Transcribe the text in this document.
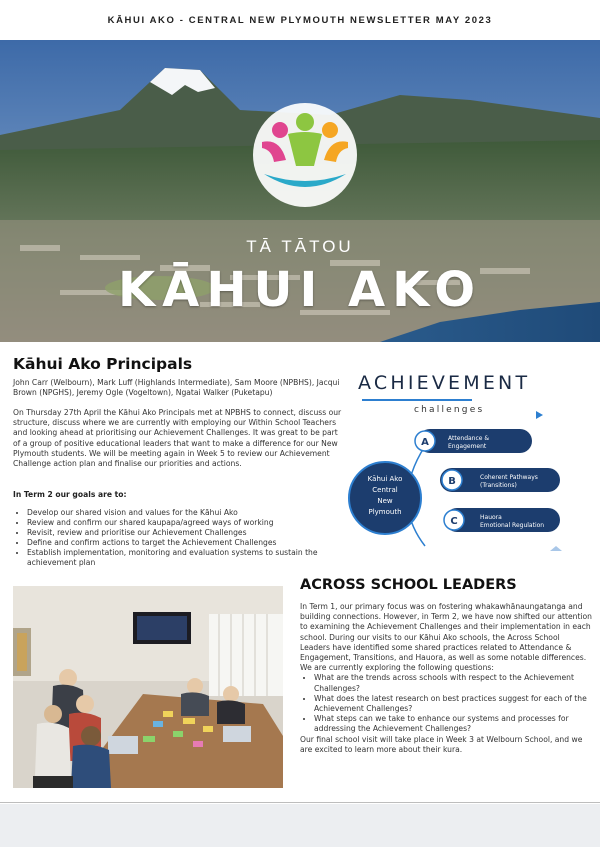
KĀHUI AKO - CENTRAL NEW PLYMOUTH NEWSLETTER MAY 2023
TĀ TĀTOU
KĀHUI AKO
Kāhui Ako Principals
John Carr (Welbourn), Mark Luff (Highlands Intermediate), Sam Moore (NPBHS), Jacqui Brown (NPGHS), Jeremy Ogle (Vogeltown), Ngatai Walker (Puketapu)
On Thursday 27th April the Kāhui Ako Principals met at NPBHS to connect, discuss our structure, discuss where we are currently with employing our Within School Teachers and looking ahead at prioritising our Achievement Challenges. It was great to be part of a group of positive educational leaders that want to make a difference for our New Plymouth students. We will be meeting again in Week 5 to review our Achievement Challenge action plan and finalise our priorities and actions.
In Term 2 our goals are to:
• Develop our shared vision and values for the Kāhui Ako
• Review and confirm our shared kaupapa/agreed ways of working
• Revisit, review and prioritise our Achievement Challenges
• Define and confirm actions to target the Achievement Challenges
• Establish implementation, monitoring and evaluation systems to sustain the achievement plan
ACHIEVEMENT
challenges
Kāhui Ako
Central
New
Plymouth
A	Attendance &
Engagement
B	Coherent Pathways
(Transitions)
C	Hauora
Emotional Regulation
ACROSS SCHOOL LEADERS

In Term 1, our primary focus was on fostering whakawhānaungatanga and building connections. However, in Term 2, we have now shifted our attention to examining the Achievement Challenges and their implementation in each school. During our visits to our Kāhui Ako schools, the Across School Leaders have identified some shared practices related to Attendance & Engagement, Transitions, and Hauora, as well as some notable differences.

We are currently exploring the following questions:

• What are the trends across schools with respect to the Achievement Challenges?
• What does the latest research on best practices suggest for each of the Achievement Challenges?
• What steps can we take to enhance our systems and processes for addressing the Achievement Challenges?

Our final school visit will take place in Week 3 at Welbourn School, and we are excited to learn more about their kura.
